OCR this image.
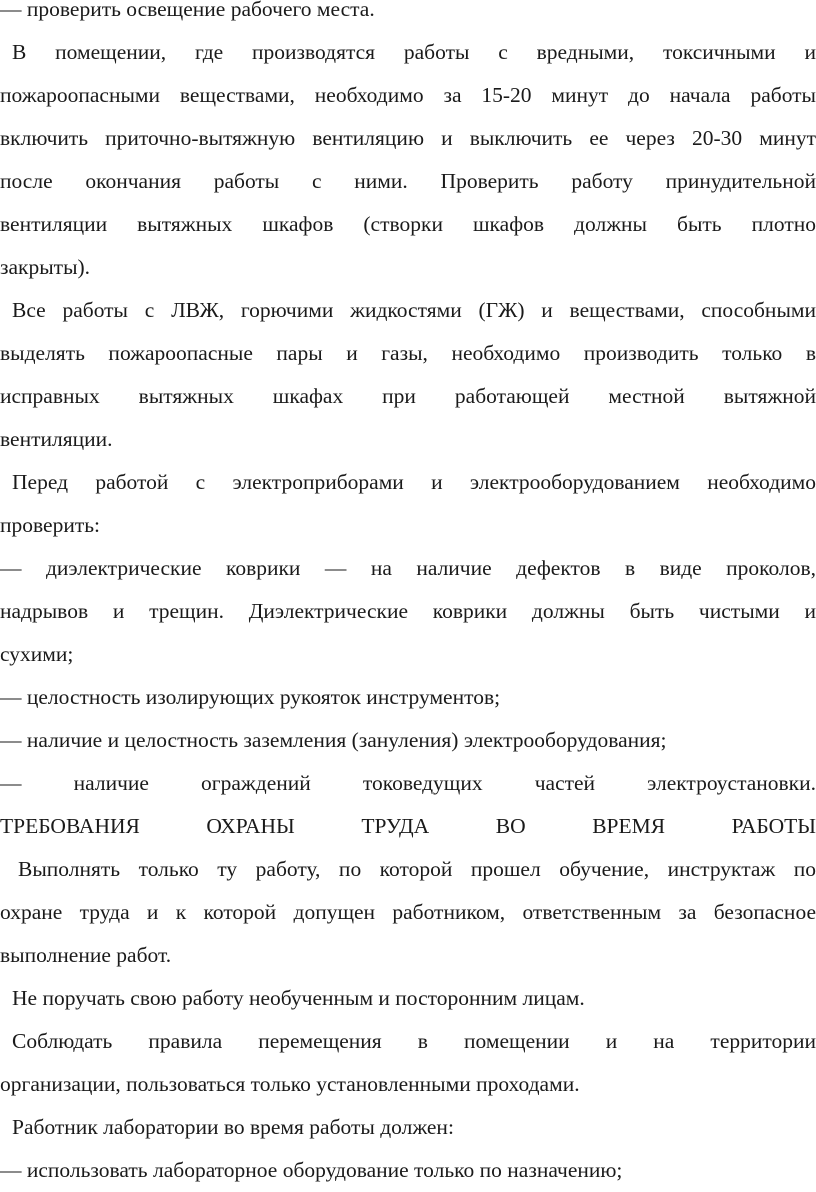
— проверить освещение рабочего места.
В помещении, где производятся работы с вредными, токсичными и
пожароопасными веществами, необходимо за 15-20 минут до начала работы
включить приточно-вытяжную вентиляцию и выключить ее через 20-30 минут
после окончания работы с ними. Проверить работу принудительной
вентиляции вытяжных шкафов (створки шкафов должны быть плотно
закрыты).
Все работы с ЛВЖ, горючими жидкостями (ГЖ) и веществами, способными
выделять пожароопасные пары и газы, необходимо производить только в
исправных вытяжных шкафах при работающей местной вытяжной
вентиляции.
Перед работой с электроприборами и электрооборудованием необходимо
проверить:
— диэлектрические коврики — на наличие дефектов в виде проколов,
надрывов и трещин. Диэлектрические коврики должны быть чистыми и
сухими;
— целостность изолирующих рукояток инструментов;
— наличие и целостность заземления (зануления) электрооборудования;
— наличие ограждений токоведущих частей электроустановки.
ТРЕБОВАНИЯ ОХРАНЫ ТРУДА ВО ВРЕМЯ РАБОТЫ
Выполнять только ту работу, по которой прошел обучение, инструктаж по
охране труда и к которой допущен работником, ответственным за безопасное
выполнение работ.
Не поручать свою работу необученным и посторонним лицам.
Соблюдать правила перемещения в помещении и на территории
организации, пользоваться только установленными проходами.
Работник лаборатории во время работы должен:
— использовать лабораторное оборудование только по назначению;
